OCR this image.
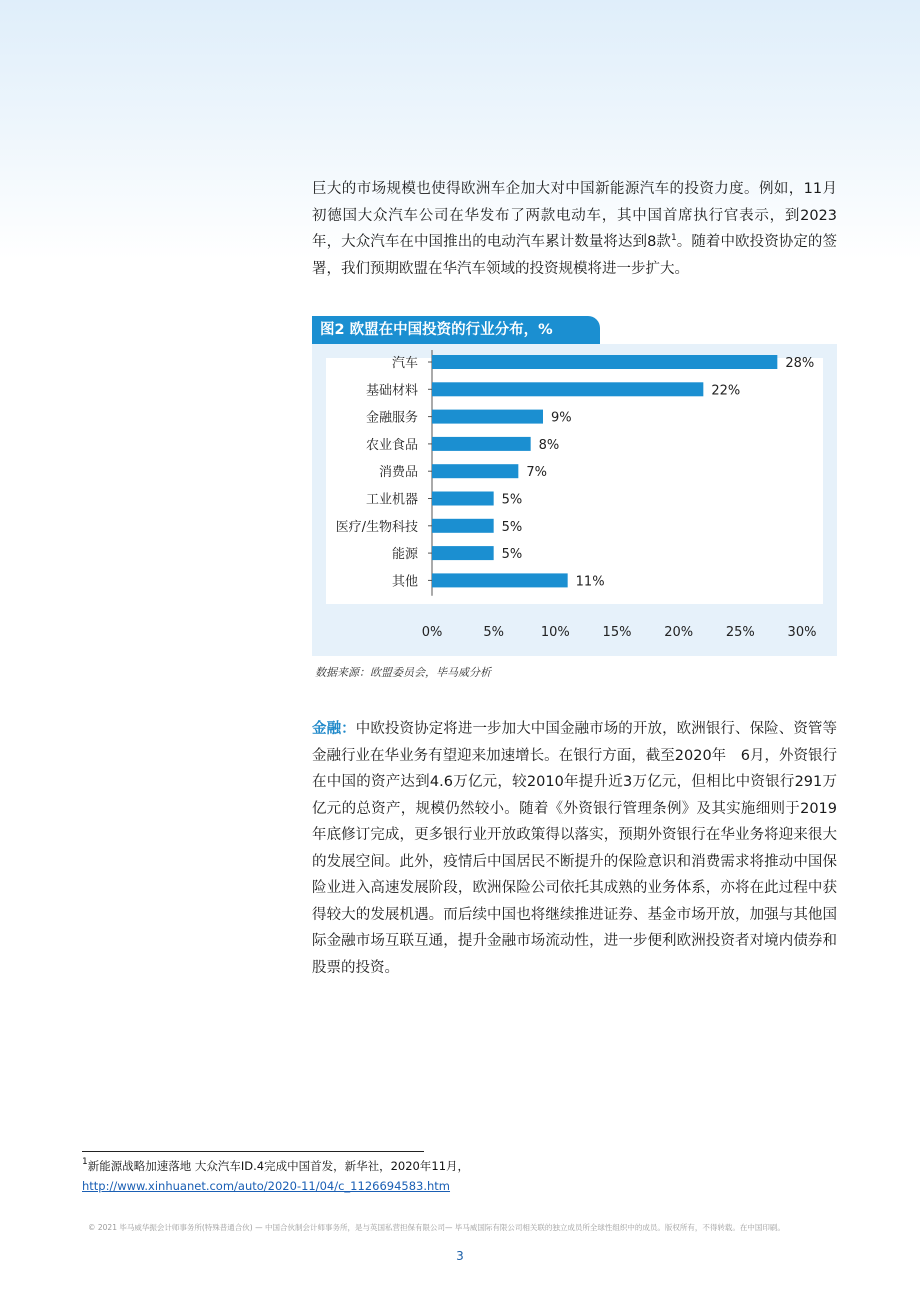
巨大的市场规模也使得欧洲车企加大对中国新能源汽车的投资力度。例如，11月初德国大众汽车公司在华发布了两款电动车，其中国首席执行官表示，到2023年，大众汽车在中国推出的电动汽车累计数量将达到8款$^1$。随着中欧投资协定的签署，我们预期欧盟在华汽车领域的投资规模将进一步扩大。

图2 欧盟在中国投资的行业分布，%
汽车	28%
基础材料	22%
金融服务	9%
农业食品	8%
消费品	7%
工业机器	5%
医疗/生物科技	5%
能源	5%
其他	11%
0%	5%	10%	15%	20%	25%	30%
数据来源：欧盟委员会，毕马威分析

金融：中欧投资协定将进一步加大中国金融市场的开放，欧洲银行、保险、资管等金融行业在华业务有望迎来加速增长。在银行方面，截至2020年　6月，外资银行在中国的资产达到4.6万亿元，较2010年提升近3万亿元，但相比中资银行291万亿元的总资产，规模仍然较小。随着《外资银行管理条例》及其实施细则于2019年底修订完成，更多银行业开放政策得以落实，预期外资银行在华业务将迎来很大的发展空间。此外，疫情后中国居民不断提升的保险意识和消费需求将推动中国保险业进入高速发展阶段，欧洲保险公司依托其成熟的业务体系，亦将在此过程中获得较大的发展机遇。而后续中国也将继续推进证券、基金市场开放，加强与其他国际金融市场互联互通，提升金融市场流动性，进一步便利欧洲投资者对境内债券和股票的投资。

$^1$新能源战略加速落地 大众汽车ID.4完成中国首发，新华社，2020年11月，
http://www.xinhuanet.com/auto/2020-11/04/c_1126694583.htm
© 2021 毕马威华振会计师事务所(特殊普通合伙) — 中国合伙制会计师事务所，是与英国私营担保有限公司— 毕马威国际有限公司相关联的独立成员所全球性组织中的成员。版权所有，不得转载。在中国印刷。
3
